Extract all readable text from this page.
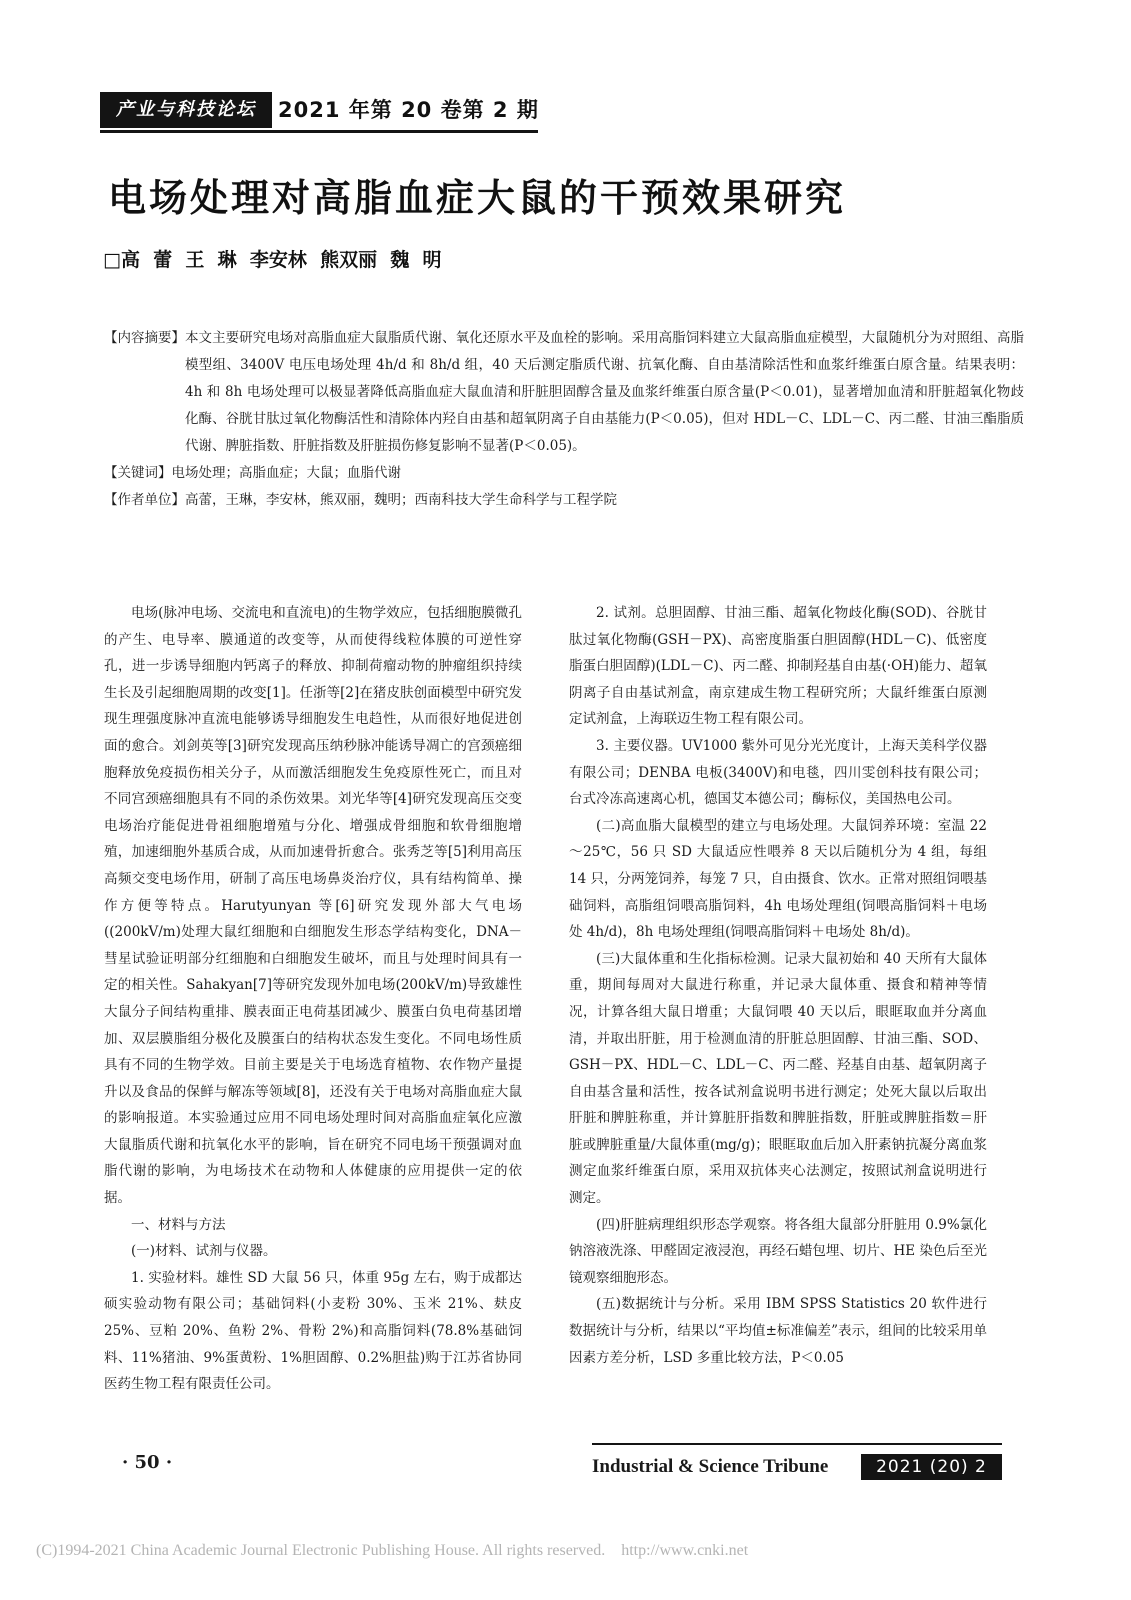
产业与科技论坛	2021 年第 20 卷第 2 期
电场处理对高脂血症大鼠的干预效果研究
□高  蕾  王  琳  李安林  熊双丽  魏  明
【内容摘要】 本文主要研究电场对高脂血症大鼠脂质代谢、氧化还原水平及血栓的影响。采用高脂饲料建立大鼠高脂血症模型，大鼠随机分为对照组、高脂模型组、3400V 电压电场处理 4h/d 和 8h/d 组，40 天后测定脂质代谢、抗氧化酶、自由基清除活性和血浆纤维蛋白原含量。结果表明：4h 和 8h 电场处理可以极显著降低高脂血症大鼠血清和肝脏胆固醇含量及血浆纤维蛋白原含量(P＜0.01)，显著增加血清和肝脏超氧化物歧化酶、谷胱甘肽过氧化物酶活性和清除体内羟自由基和超氧阴离子自由基能力(P＜0.05)，但对 HDL－C、LDL－C、丙二醛、甘油三酯脂质代谢、脾脏指数、肝脏指数及肝脏损伤修复影响不显著(P＜0.05)。
【关键词】 电场处理；高脂血症；大鼠；血脂代谢
【作者单位】 高蕾，王琳，李安林，熊双丽，魏明；西南科技大学生命科学与工程学院

电场(脉冲电场、交流电和直流电)的生物学效应，包括细胞膜微孔的产生、电导率、膜通道的改变等，从而使得线粒体膜的可逆性穿孔，进一步诱导细胞内钙离子的释放、抑制荷瘤动物的肿瘤组织持续生长及引起细胞周期的改变[1]。任浙等[2]在猪皮肤创面模型中研究发现生理强度脉冲直流电能够诱导细胞发生电趋性，从而很好地促进创面的愈合。刘剑英等[3]研究发现高压纳秒脉冲能诱导凋亡的宫颈癌细胞释放免疫损伤相关分子，从而激活细胞发生免疫原性死亡，而且对不同宫颈癌细胞具有不同的杀伤效果。刘光华等[4]研究发现高压交变电场治疗能促进骨祖细胞增殖与分化、增强成骨细胞和软骨细胞增殖，加速细胞外基质合成，从而加速骨折愈合。张秀芝等[5]利用高压高频交变电场作用，研制了高压电场鼻炎治疗仪，具有结构简单、操作方便等特点。Harutyunyan 等[6]研究发现外部大气电场((200kV/m)处理大鼠红细胞和白细胞发生形态学结构变化，DNA－彗星试验证明部分红细胞和白细胞发生破坏，而且与处理时间具有一定的相关性。Sahakyan[7]等研究发现外加电场(200kV/m)导致雄性大鼠分子间结构重排、膜表面正电荷基团减少、膜蛋白负电荷基团增加、双层膜脂组分极化及膜蛋白的结构状态发生变化。不同电场性质具有不同的生物学效。目前主要是关于电场选育植物、农作物产量提升以及食品的保鲜与解冻等领域[8]，还没有关于电场对高脂血症大鼠的影响报道。本实验通过应用不同电场处理时间对高脂血症氧化应激大鼠脂质代谢和抗氧化水平的影响，旨在研究不同电场干预强调对血脂代谢的影响，为电场技术在动物和人体健康的应用提供一定的依据。

一、材料与方法

(一)材料、试剂与仪器。

1. 实验材料。雄性 SD 大鼠 56 只，体重 95g 左右，购于成都达硕实验动物有限公司；基础饲料(小麦粉 30%、玉米 21%、麸皮 25%、豆粕 20%、鱼粉 2%、骨粉 2%)和高脂饲料(78.8%基础饲料、11%猪油、9%蛋黄粉、1%胆固醇、0.2%胆盐)购于江苏省协同医药生物工程有限责任公司。

2. 试剂。总胆固醇、甘油三酯、超氧化物歧化酶(SOD)、谷胱甘肽过氧化物酶(GSH－PX)、高密度脂蛋白胆固醇(HDL－C)、低密度脂蛋白胆固醇)(LDL－C)、丙二醛、抑制羟基自由基(·OH)能力、超氧阴离子自由基试剂盒，南京建成生物工程研究所；大鼠纤维蛋白原测定试剂盒，上海联迈生物工程有限公司。

3. 主要仪器。UV1000 紫外可见分光光度计，上海天美科学仪器有限公司；DENBA 电板(3400V)和电毯，四川雯创科技有限公司；台式冷冻高速离心机，德国艾本德公司；酶标仪，美国热电公司。

(二)高血脂大鼠模型的建立与电场处理。大鼠饲养环境：室温 22～25℃，56 只 SD 大鼠适应性喂养 8 天以后随机分为 4 组，每组 14 只，分两笼饲养，每笼 7 只，自由摄食、饮水。正常对照组饲喂基础饲料，高脂组饲喂高脂饲料，4h 电场处理组(饲喂高脂饲料＋电场处 4h/d)，8h 电场处理组(饲喂高脂饲料＋电场处 8h/d)。

(三)大鼠体重和生化指标检测。记录大鼠初始和 40 天所有大鼠体重，期间每周对大鼠进行称重，并记录大鼠体重、摄食和精神等情况，计算各组大鼠日增重；大鼠饲喂 40 天以后，眼眶取血并分离血清，并取出肝脏，用于检测血清的肝脏总胆固醇、甘油三酯、SOD、GSH－PX、HDL－C、LDL－C、丙二醛、羟基自由基、超氧阴离子自由基含量和活性，按各试剂盒说明书进行测定；处死大鼠以后取出肝脏和脾脏称重，并计算脏肝指数和脾脏指数，肝脏或脾脏指数＝肝脏或脾脏重量/大鼠体重(mg/g)；眼眶取血后加入肝素钠抗凝分离血浆测定血浆纤维蛋白原，采用双抗体夹心法测定，按照试剂盒说明进行测定。

(四)肝脏病理组织形态学观察。将各组大鼠部分肝脏用 0.9%氯化钠溶液洗涤、甲醛固定液浸泡，再经石蜡包埋、切片、HE 染色后至光镜观察细胞形态。

(五)数据统计与分析。采用 IBM SPSS Statistics 20 软件进行数据统计与分析，结果以“平均值±标准偏差”表示，组间的比较采用单因素方差分析，LSD 多重比较方法，P＜0.05

· 50 ·	Industrial & Science Tribune	2021 (20) 2
(C)1994-2021 China Academic Journal Electronic Publishing House. All rights reserved.    http://www.cnki.net
